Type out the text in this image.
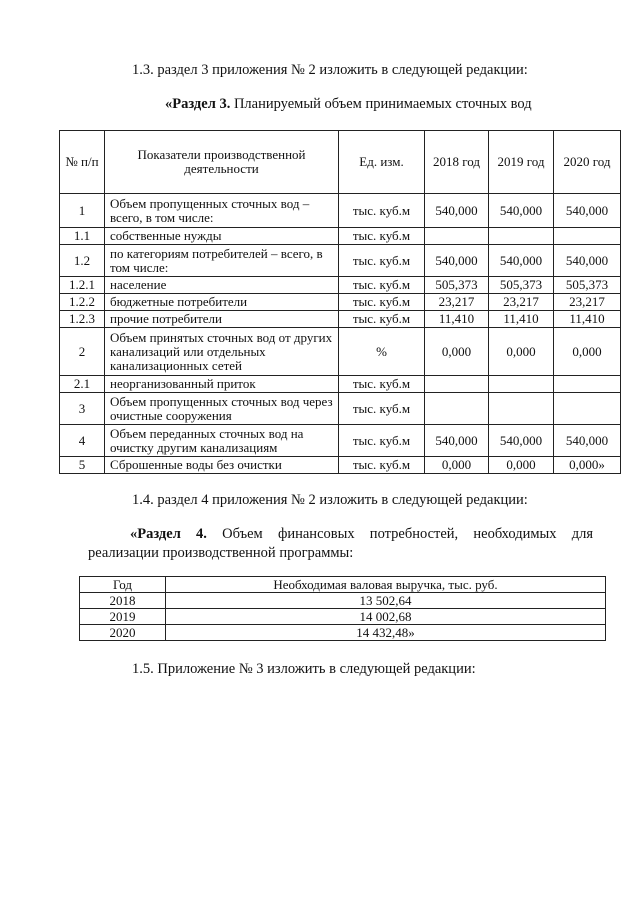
1.3. раздел 3 приложения № 2 изложить в следующей редакции:
«Раздел 3. Планируемый объем принимаемых сточных вод
№ п/п	Показатели производственной деятельности	Ед. изм.	2018 год	2019 год	2020 год
1	Объем пропущенных сточных вод – всего, в том числе:	тыс. куб.м	540,000	540,000	540,000
1.1	собственные нужды	тыс. куб.м			
1.2	по категориям потребителей – всего, в том числе:	тыс. куб.м	540,000	540,000	540,000
1.2.1	население	тыс. куб.м	505,373	505,373	505,373
1.2.2	бюджетные потребители	тыс. куб.м	23,217	23,217	23,217
1.2.3	прочие потребители	тыс. куб.м	11,410	11,410	11,410
2	Объем принятых сточных вод от других канализаций или отдельных канализационных сетей	%	0,000	0,000	0,000
2.1	неорганизованный приток	тыс. куб.м			
3	Объем пропущенных сточных вод через очистные сооружения	тыс. куб.м			
4	Объем переданных сточных вод на очистку другим канализациям	тыс. куб.м	540,000	540,000	540,000
5	Сброшенные воды без очистки	тыс. куб.м	0,000	0,000	0,000»
1.4. раздел 4 приложения № 2 изложить в следующей редакции:
«Раздел 4. Объем финансовых потребностей, необходимых для
реализации производственной программы:
Год	Необходимая валовая выручка, тыс. руб.
2018	13 502,64
2019	14 002,68
2020	14 432,48»
1.5. Приложение № 3 изложить в следующей редакции:
